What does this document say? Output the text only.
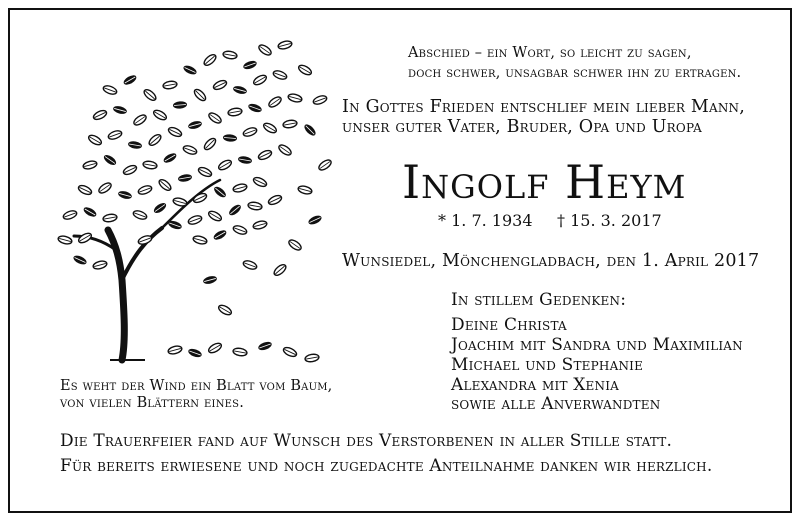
Abschied – ein Wort, so leicht zu sagen,
doch schwer, unsagbar schwer ihn zu ertragen.
In Gottes Frieden entschlief mein lieber Mann,
unser guter Vater, Bruder, Opa und Uropa
Ingolf Heym
* 1. 7. 1934 † 15. 3. 2017
Wunsiedel, Mönchengladbach, den 1. April 2017
In stillem Gedenken:
Deine Christa
Joachim mit Sandra und Maximilian
Michael und Stephanie
Alexandra mit Xenia
sowie alle Anverwandten
Es weht der Wind ein Blatt vom Baum,
von vielen Blättern eines.
Die Trauerfeier fand auf Wunsch des Verstorbenen in aller Stille statt.
Für bereits erwiesene und noch zugedachte Anteilnahme danken wir herzlich.
